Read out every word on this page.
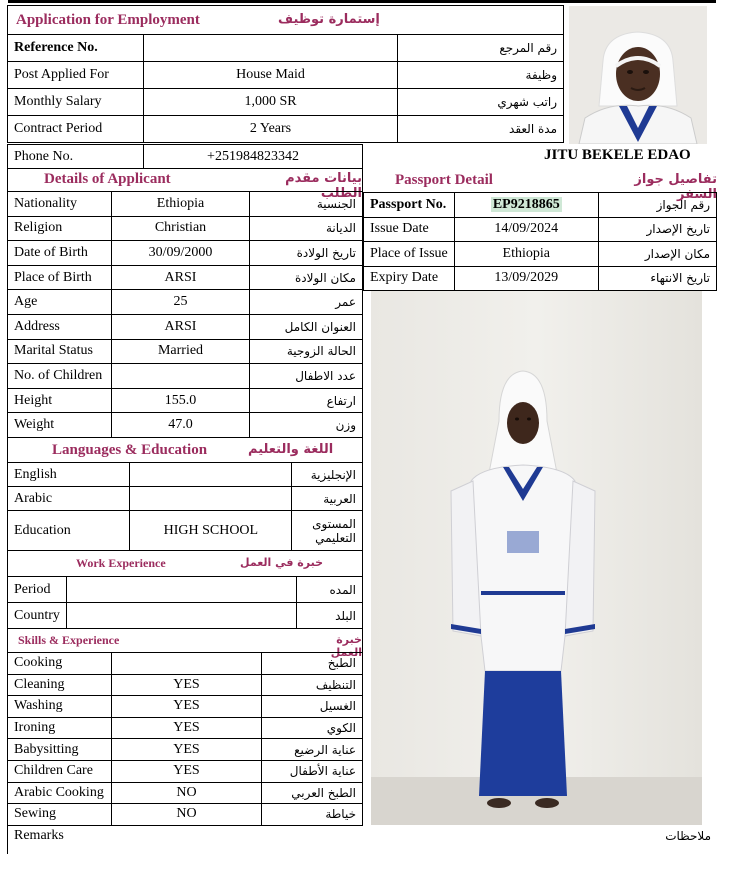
Application for Employment	إستمارة توظيف
Reference No.		رقم المرجع
Post Applied For	House Maid	وظيفة
Monthly Salary	1,000 SR	راتب شهري
Contract Period	2 Years	مدة العقد
Phone No.	+251984823342	JITU BEKELE EDAO
Details of Applicant	بيانات مقدم الطلب
Nationality	Ethiopia	الجنسية
Religion	Christian	الديانة
Date of Birth	30/09/2000	تاريخ الولادة
Place of Birth	ARSI	مكان الولادة
Age	25	عمر
Address	ARSI	العنوان الكامل
Marital Status	Married	الحالة الزوجية
No. of Children		عدد الاطفال
Height	155.0	ارتفاع
Weight	47.0	وزن
Passport Detail	تفاصيل جواز السفر
Passport No.	EP9218865	رقم الجواز
Issue Date	14/09/2024	تاريخ الإصدار
Place of Issue	Ethiopia	مكان الإصدار
Expiry Date	13/09/2029	تاريخ الانتهاء
Languages & Education	اللغة والتعليم
English		الإنجليزية
Arabic		العربية
Education	HIGH SCHOOL	المستوى التعليمي
Work Experience	خبرة في العمل
Period		المده
Country		البلد
Skills & Experience	خبرة العمل
Cooking		الطبخ
Cleaning	YES	التنظيف
Washing	YES	الغسيل
Ironing	YES	الكوي
Babysitting	YES	عناية الرضيع
Children Care	YES	عناية الأطفال
Arabic Cooking	NO	الطبخ العربي
Sewing	NO	خياطة
Remarks	ملاحظات
